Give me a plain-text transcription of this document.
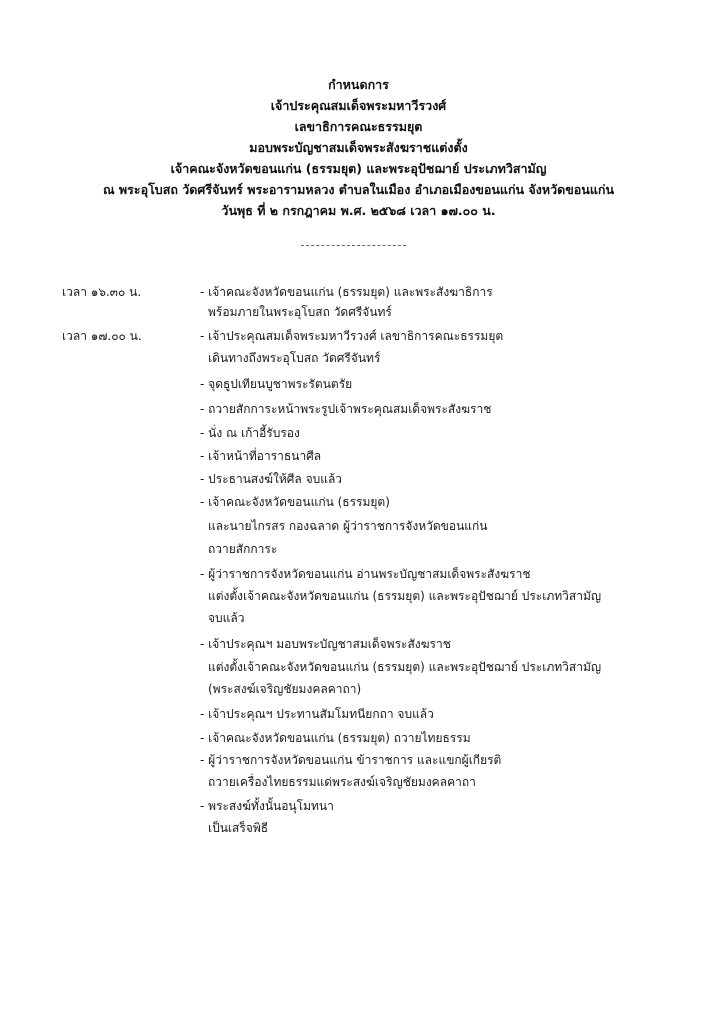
กำหนดการ
เจ้าประคุณสมเด็จพระมหาวีรวงศ์
เลขาธิการคณะธรรมยุต
มอบพระบัญชาสมเด็จพระสังฆราชแต่งตั้ง
เจ้าคณะจังหวัดขอนแก่น (ธรรมยุต) และพระอุปัชฌาย์ ประเภทวิสามัญ
ณ พระอุโบสถ วัดศรีจันทร์ พระอารามหลวง ตำบลในเมือง อำเภอเมืองขอนแก่น จังหวัดขอนแก่น
วันพุธ ที่ ๒ กรกฎาคม พ.ศ. ๒๕๖๘ เวลา ๑๗.๐๐ น.
เวลา ๑๖.๓๐ น.
เวลา ๑๗.๐๐ น.
- เจ้าคณะจังหวัดขอนแก่น (ธรรมยุต) และพระสังฆาธิการ
พร้อมภายในพระอุโบสถ วัดศรีจันทร์
- เจ้าประคุณสมเด็จพระมหาวีรวงศ์ เลขาธิการคณะธรรมยุต
เดินทางถึงพระอุโบสถ วัดศรีจันทร์
- จุดธูปเทียนบูชาพระรัตนตรัย
- ถวายสักการะหน้าพระรูปเจ้าพระคุณสมเด็จพระสังฆราช
- นั่ง ณ เก้าอี้รับรอง
- เจ้าหน้าที่อาราธนาศีล
- ประธานสงฆ์ให้ศีล จบแล้ว
- เจ้าคณะจังหวัดขอนแก่น (ธรรมยุต)
และนายไกรสร กองฉลาด ผู้ว่าราชการจังหวัดขอนแก่น
ถวายสักการะ
- ผู้ว่าราชการจังหวัดขอนแก่น อ่านพระบัญชาสมเด็จพระสังฆราช
แต่งตั้งเจ้าคณะจังหวัดขอนแก่น (ธรรมยุต) และพระอุปัชฌาย์ ประเภทวิสามัญ
จบแล้ว
- เจ้าประคุณฯ มอบพระบัญชาสมเด็จพระสังฆราช
แต่งตั้งเจ้าคณะจังหวัดขอนแก่น (ธรรมยุต) และพระอุปัชฌาย์ ประเภทวิสามัญ
(พระสงฆ์เจริญชัยมงคลคาถา)
- เจ้าประคุณฯ ประทานสัมโมทนียกถา จบแล้ว
- เจ้าคณะจังหวัดขอนแก่น (ธรรมยุต) ถวายไทยธรรม
- ผู้ว่าราชการจังหวัดขอนแก่น ข้าราชการ และแขกผู้เกียรติ
ถวายเครื่องไทยธรรมแด่พระสงฆ์เจริญชัยมงคลคาถา
- พระสงฆ์ทั้งนั้นอนุโมทนา
เป็นเสร็จพิธี
